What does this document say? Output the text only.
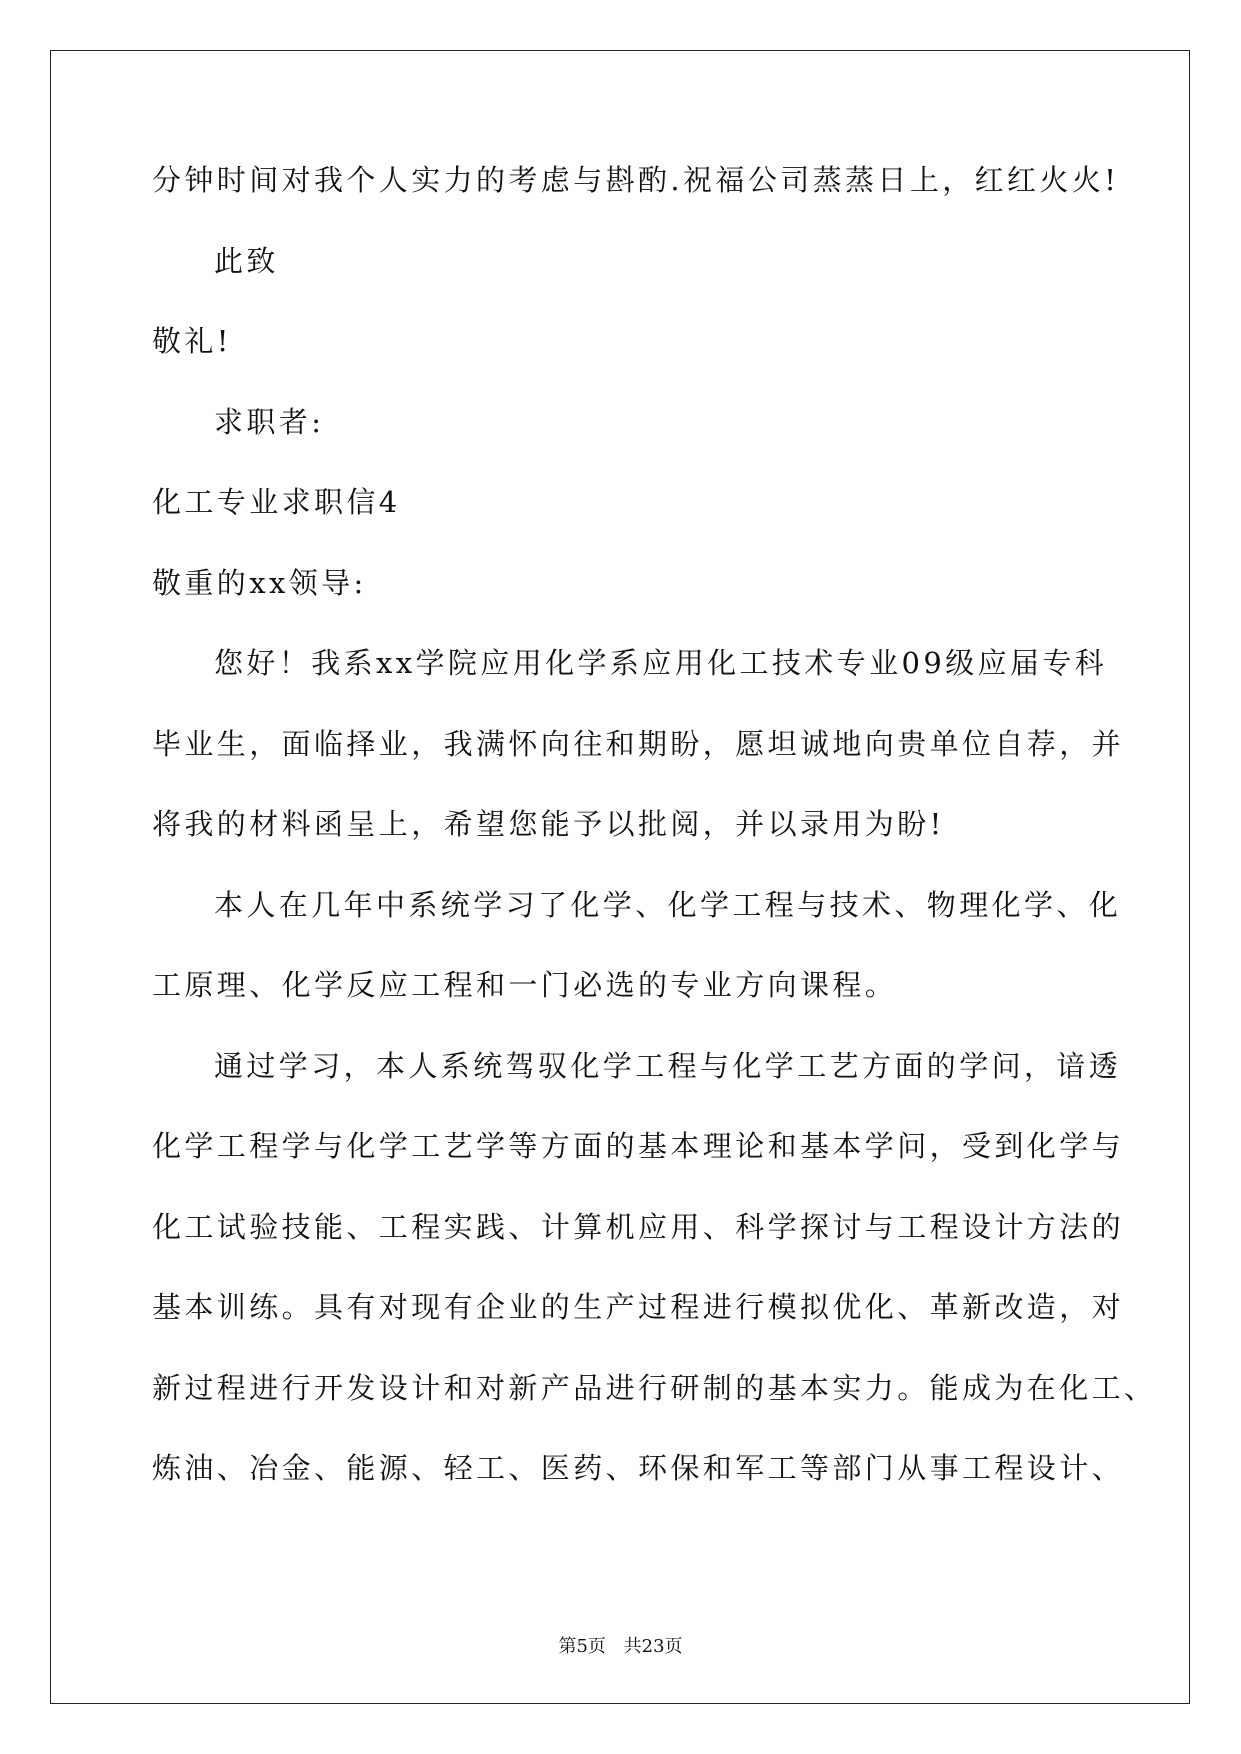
分钟时间对我个人实力的考虑与斟酌.祝福公司蒸蒸日上，红红火火!
此致
敬礼!
求职者:
化工专业求职信4
敬重的xx领导:
您好！我系xx学院应用化学系应用化工技术专业09级应届专科
毕业生，面临择业，我满怀向往和期盼，愿坦诚地向贵单位自荐，并
将我的材料函呈上，希望您能予以批阅，并以录用为盼!
本人在几年中系统学习了化学、化学工程与技术、物理化学、化
工原理、化学反应工程和一门必选的专业方向课程。
通过学习，本人系统驾驭化学工程与化学工艺方面的学问，谙透
化学工程学与化学工艺学等方面的基本理论和基本学问，受到化学与
化工试验技能、工程实践、计算机应用、科学探讨与工程设计方法的
基本训练。具有对现有企业的生产过程进行模拟优化、革新改造，对
新过程进行开发设计和对新产品进行研制的基本实力。能成为在化工、
炼油、冶金、能源、轻工、医药、环保和军工等部门从事工程设计、
第5页 共23页
